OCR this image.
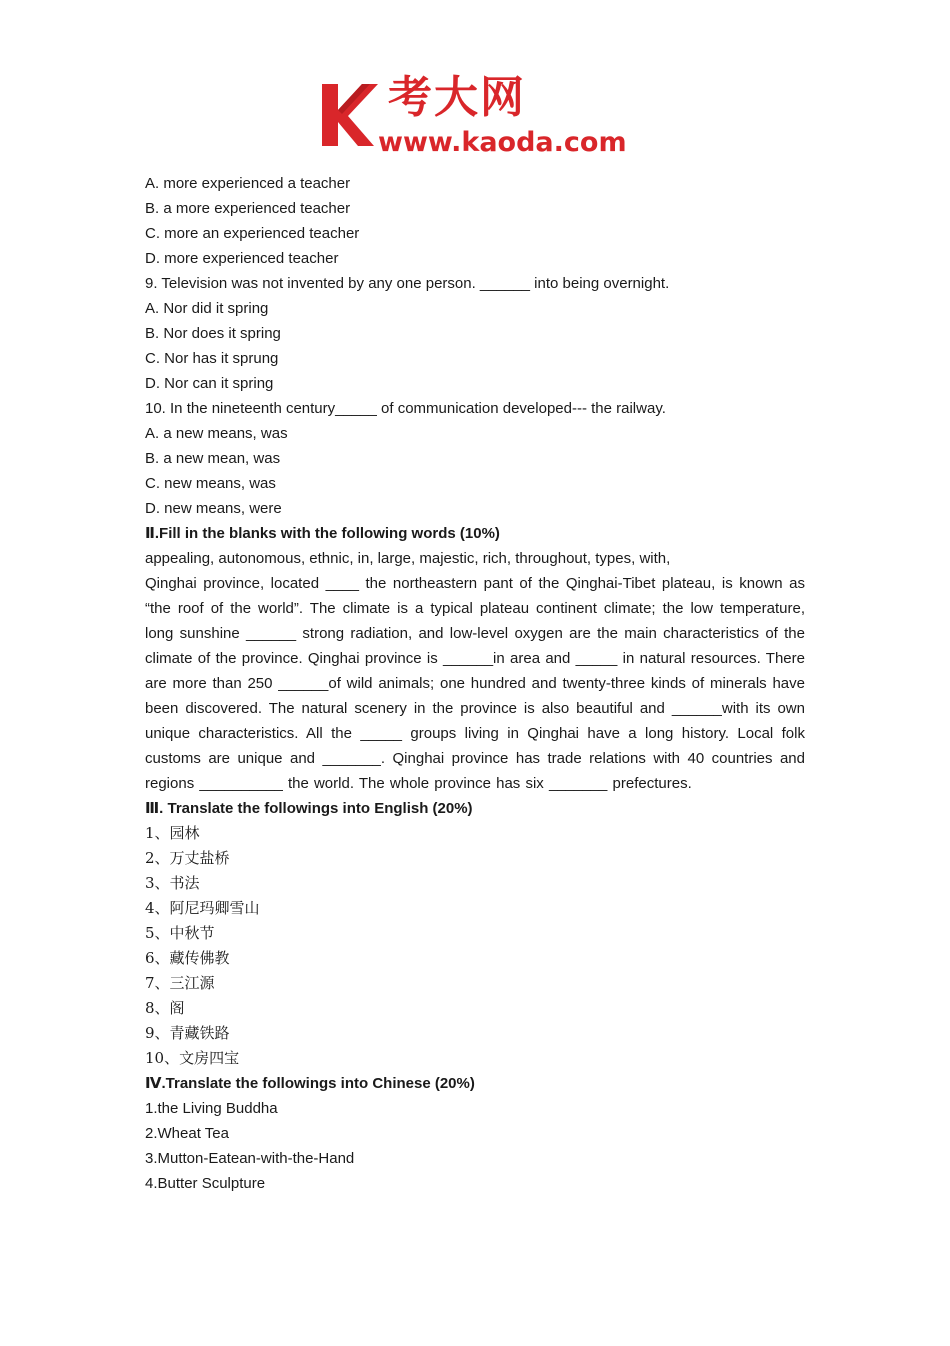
考大网
www.kaoda.com
A. more experienced a teacher
B. a more experienced teacher
C. more an experienced teacher
D. more experienced teacher
9. Television was not invented by any one person. ______ into being overnight.
A. Nor did it spring
B. Nor does it spring
C. Nor has it sprung
D. Nor can it spring
10. In the nineteenth century_____ of communication developed--- the railway.
A. a new means, was
B. a new mean, was
C. new means, was
D. new means, were
Ⅱ.Fill in the blanks with the following words (10%)
appealing, autonomous, ethnic, in, large, majestic, rich, throughout, types, with,
Qinghai province, located ____ the northeastern pant of the Qinghai-Tibet plateau, is known as “the roof of the world”. The climate is a typical plateau continent climate; the low temperature, long sunshine ______ strong radiation, and low-level oxygen are the main characteristics of the climate of the province. Qinghai province is ______in area and _____ in natural resources. There are more than 250 ______of wild animals; one hundred and twenty-three kinds of minerals have been discovered. The natural scenery in the province is also beautiful and ______with its own unique characteristics. All the _____ groups living in Qinghai have a long history. Local folk customs are unique and _______. Qinghai province has trade relations with 40 countries and regions __________ the world. The whole province has six _______ prefectures.
Ⅲ. Translate the followings into English (20%)
1、园林
2、万丈盐桥
3、书法
4、阿尼玛卿雪山
5、中秋节
6、藏传佛教
7、三江源
8、阁
9、青藏铁路
10、文房四宝
Ⅳ.Translate the followings into Chinese (20%)
1.the Living Buddha
2.Wheat Tea
3.Mutton-Eatean-with-the-Hand
4.Butter Sculpture
